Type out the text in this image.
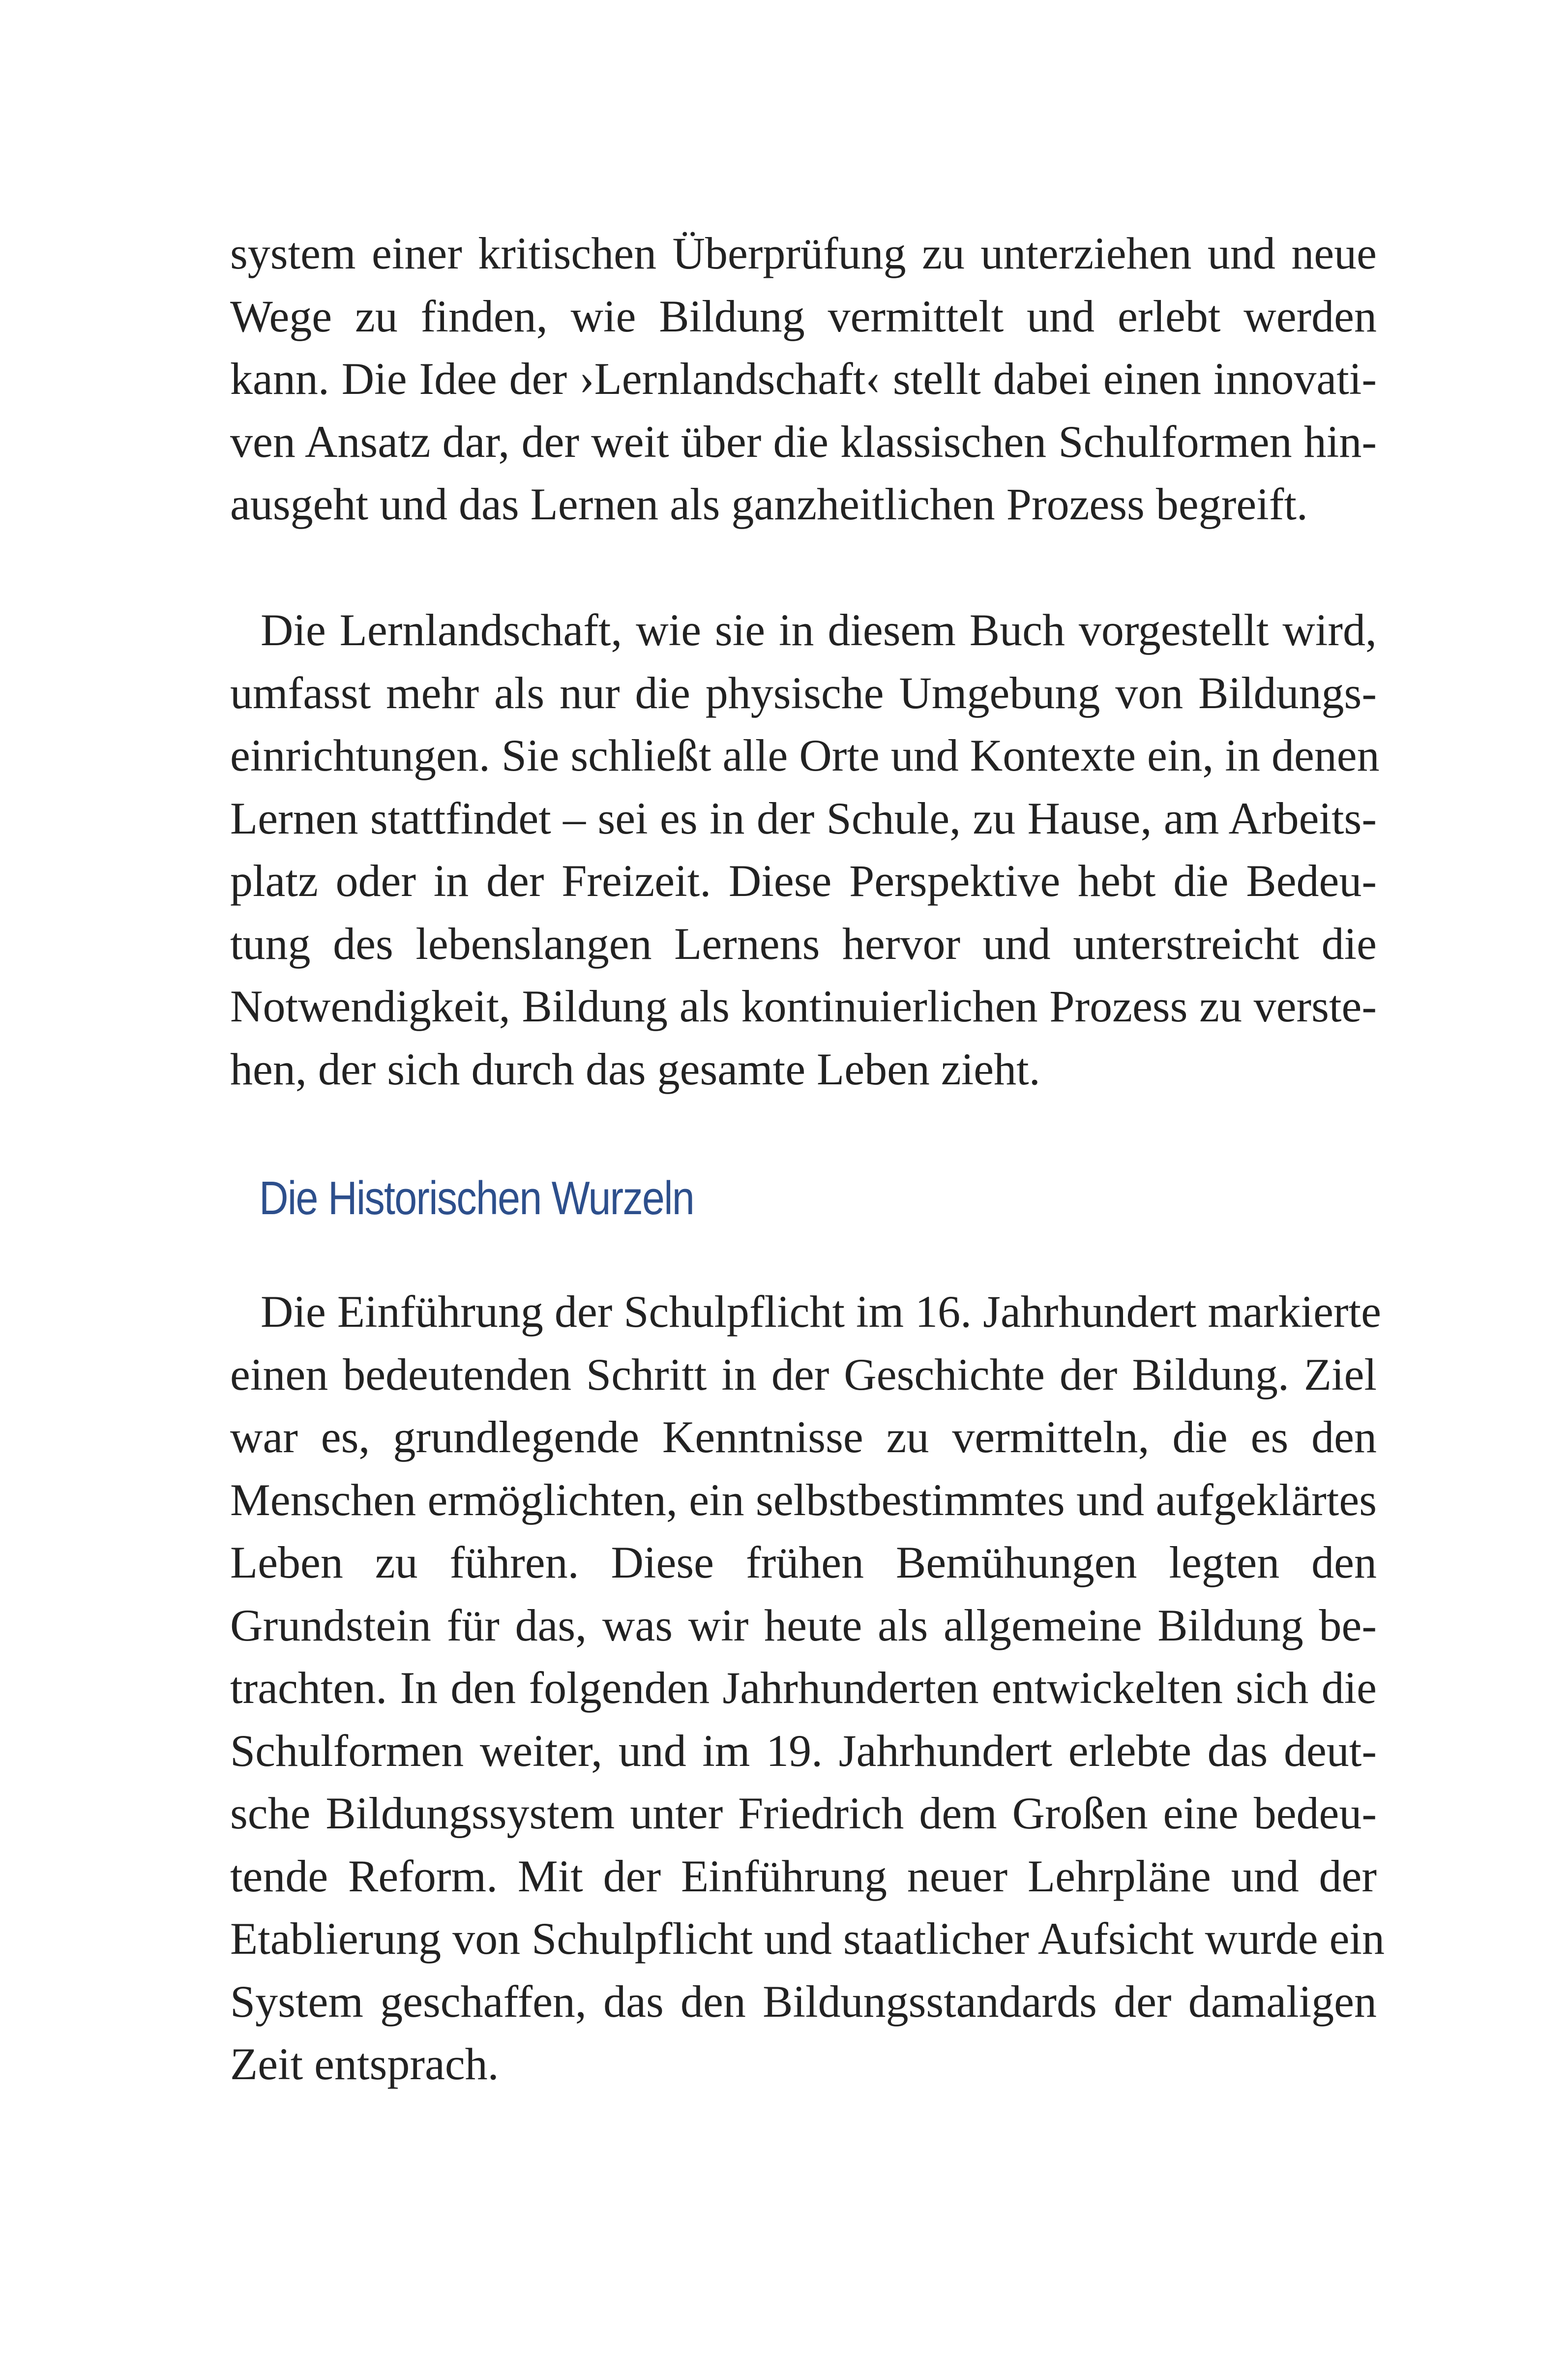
system einer kritischen Überprüfung zu unterziehen und neue
Wege zu finden, wie Bildung vermittelt und erlebt werden
kann. Die Idee der ›Lernlandschaft‹ stellt dabei einen innovati-
ven Ansatz dar, der weit über die klassischen Schulformen hin-
ausgeht und das Lernen als ganzheitlichen Prozess begreift.
Die Lernlandschaft, wie sie in diesem Buch vorgestellt wird,
umfasst mehr als nur die physische Umgebung von Bildungs-
einrichtungen. Sie schließt alle Orte und Kontexte ein, in denen
Lernen stattfindet – sei es in der Schule, zu Hause, am Arbeits-
platz oder in der Freizeit. Diese Perspektive hebt die Bedeu-
tung des lebenslangen Lernens hervor und unterstreicht die
Notwendigkeit, Bildung als kontinuierlichen Prozess zu verste-
hen, der sich durch das gesamte Leben zieht.
Die Historischen Wurzeln
Die Einführung der Schulpflicht im 16. Jahrhundert markierte
einen bedeutenden Schritt in der Geschichte der Bildung. Ziel
war es, grundlegende Kenntnisse zu vermitteln, die es den
Menschen ermöglichten, ein selbstbestimmtes und aufgeklärtes
Leben zu führen. Diese frühen Bemühungen legten den
Grundstein für das, was wir heute als allgemeine Bildung be-
trachten. In den folgenden Jahrhunderten entwickelten sich die
Schulformen weiter, und im 19. Jahrhundert erlebte das deut-
sche Bildungssystem unter Friedrich dem Großen eine bedeu-
tende Reform. Mit der Einführung neuer Lehrpläne und der
Etablierung von Schulpflicht und staatlicher Aufsicht wurde ein
System geschaffen, das den Bildungsstandards der damaligen
Zeit entsprach.
